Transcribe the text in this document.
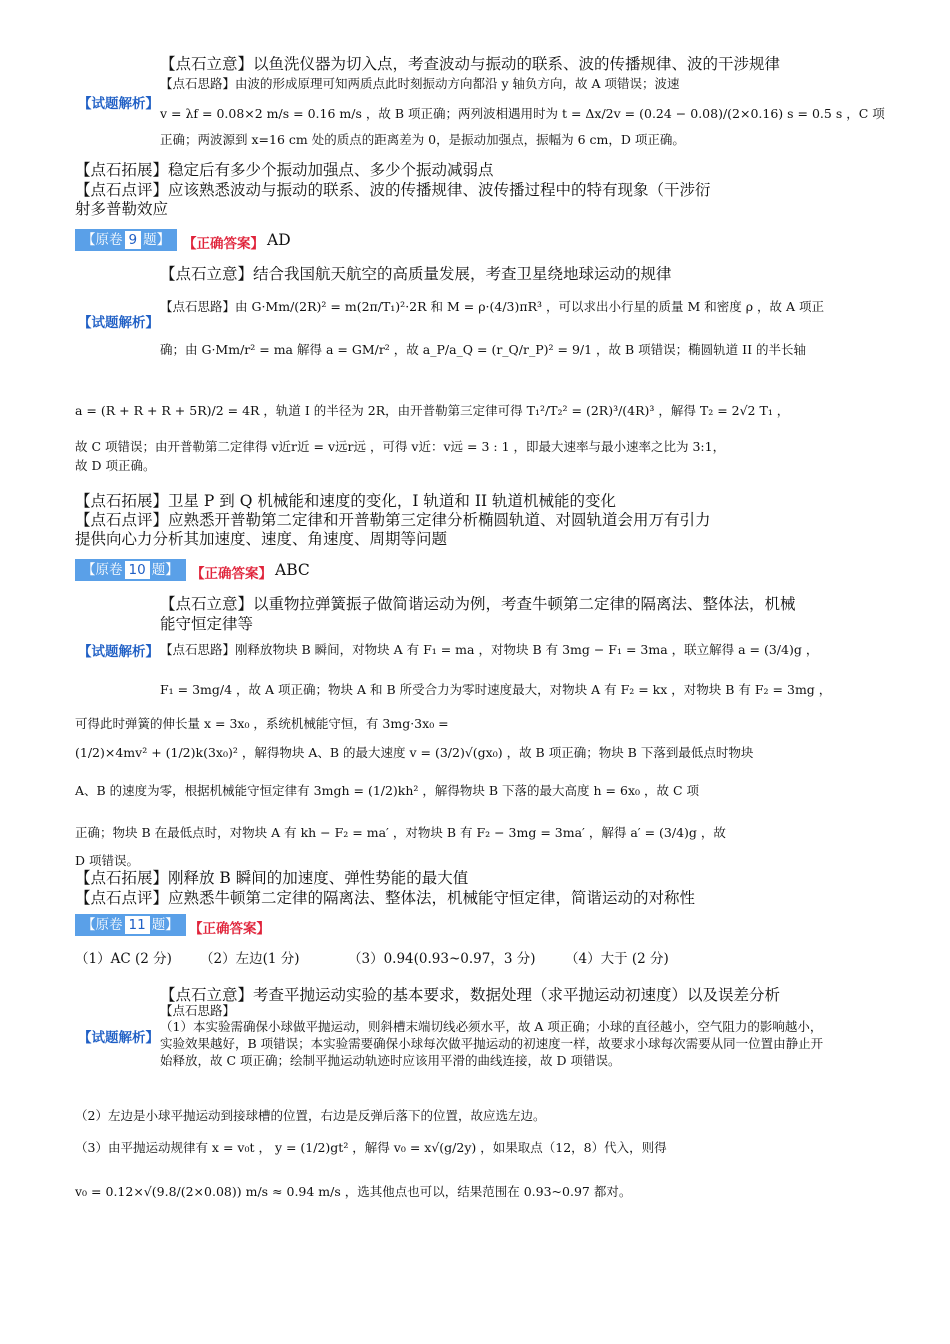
【试题解析】
【点石立意】以鱼洗仪器为切入点，考查波动与振动的联系、波的传播规律、波的干涉规律
【点石思路】由波的形成原理可知两质点此时刻振动方向都沿 y 轴负方向，故 A 项错误；波速
v = λf = 0.08×2 m/s = 0.16 m/s ，故 B 项正确；两列波相遇用时为 t = Δx/2v = (0.24 − 0.08)/(2×0.16) s = 0.5 s ，C 项
正确；两波源到 x=16 cm 处的质点的距离差为 0，是振动加强点，振幅为 6 cm，D 项正确。
【点石拓展】稳定后有多少个振动加强点、多少个振动减弱点
【点石点评】应该熟悉波动与振动的联系、波的传播规律、波传播过程中的特有现象（干涉衍
射多普勒效应
【原卷 9 题】 【正确答案】 AD
【点石立意】结合我国航天航空的高质量发展，考查卫星绕地球运动的规律
【试题解析】
【点石思路】由 G·Mm/(2R)² = m(2π/T₁)²·2R 和 M = ρ·(4/3)πR³ ，可以求出小行星的质量 M 和密度 ρ ，故 A 项正
确；由 G·Mm/r² = ma 解得 a = GM/r² ，故 a_P/a_Q = (r_Q/r_P)² = 9/1 ，故 B 项错误；椭圆轨道 II 的半长轴
a = (R + R + R + 5R)/2 = 4R ，轨道 I 的半径为 2R，由开普勒第三定律可得 T₁²/T₂² = (2R)³/(4R)³ ，解得 T₂ = 2√2 T₁ ，
故 C 项错误；由开普勒第二定律得 v近r近 = v远r远 ，可得 v近：v远 = 3 : 1 ，即最大速率与最小速率之比为 3:1，
故 D 项正确。
【点石拓展】卫星 P 到 Q 机械能和速度的变化，I 轨道和 II 轨道机械能的变化
【点石点评】应熟悉开普勒第二定律和开普勒第三定律分析椭圆轨道、对圆轨道会用万有引力
提供向心力分析其加速度、速度、角速度、周期等问题
【原卷 10 题】 【正确答案】 ABC
【点石立意】以重物拉弹簧振子做简谐运动为例，考查牛顿第二定律的隔离法、整体法，机械
能守恒定律等
【试题解析】 【点石思路】刚释放物块 B 瞬间，对物块 A 有 F₁ = ma ，对物块 B 有 3mg − F₁ = 3ma ，联立解得 a = (3/4)g ，
F₁ = 3mg/4 ，故 A 项正确；物块 A 和 B 所受合力为零时速度最大，对物块 A 有 F₂ = kx ，对物块 B 有 F₂ = 3mg ，
可得此时弹簧的伸长量 x = 3x₀ ，系统机械能守恒，有 3mg·3x₀ =
(1/2)×4mv² + (1/2)k(3x₀)² ，解得物块 A、B 的最大速度 v = (3/2)√(gx₀) ，故 B 项正确；物块 B 下落到最低点时物块
A、B 的速度为零，根据机械能守恒定律有 3mgh = (1/2)kh² ，解得物块 B 下落的最大高度 h = 6x₀ ，故 C 项
正确；物块 B 在最低点时，对物块 A 有 kh − F₂ = ma′ ，对物块 B 有 F₂ − 3mg = 3ma′ ，解得 a′ = (3/4)g ，故
D 项错误。
【点石拓展】刚释放 B 瞬间的加速度、弹性势能的最大值
【点石点评】应熟悉牛顿第二定律的隔离法、整体法，机械能守恒定律，简谐运动的对称性
【原卷 11 题】 【正确答案】
（1）AC (2 分) （2）左边(1 分)	（3）0.94(0.93~0.97，3 分) （4）大于 (2 分)
【点石立意】考查平抛运动实验的基本要求，数据处理（求平抛运动初速度）以及误差分析
【点石思路】
【试题解析】
（1）本实验需确保小球做平抛运动，则斜槽末端切线必须水平，故 A 项正确；小球的直径越小，空气阻力的影响越小，实验效果越好，B 项错误；本实验需要确保小球每次做平抛运动的初速度一样，故要求小球每次需要从同一位置由静止开始释放，故 C 项正确；绘制平抛运动轨迹时应该用平滑的曲线连接，故 D 项错误。
（2）左边是小球平抛运动到接球槽的位置，右边是反弹后落下的位置，故应选左边。
（3）由平抛运动规律有 x = v₀t ， y = (1/2)gt² ，解得 v₀ = x√(g/2y) ，如果取点（12，8）代入，则得
v₀ = 0.12×√(9.8/(2×0.08)) m/s ≈ 0.94 m/s ，选其他点也可以，结果范围在 0.93~0.97 都对。
